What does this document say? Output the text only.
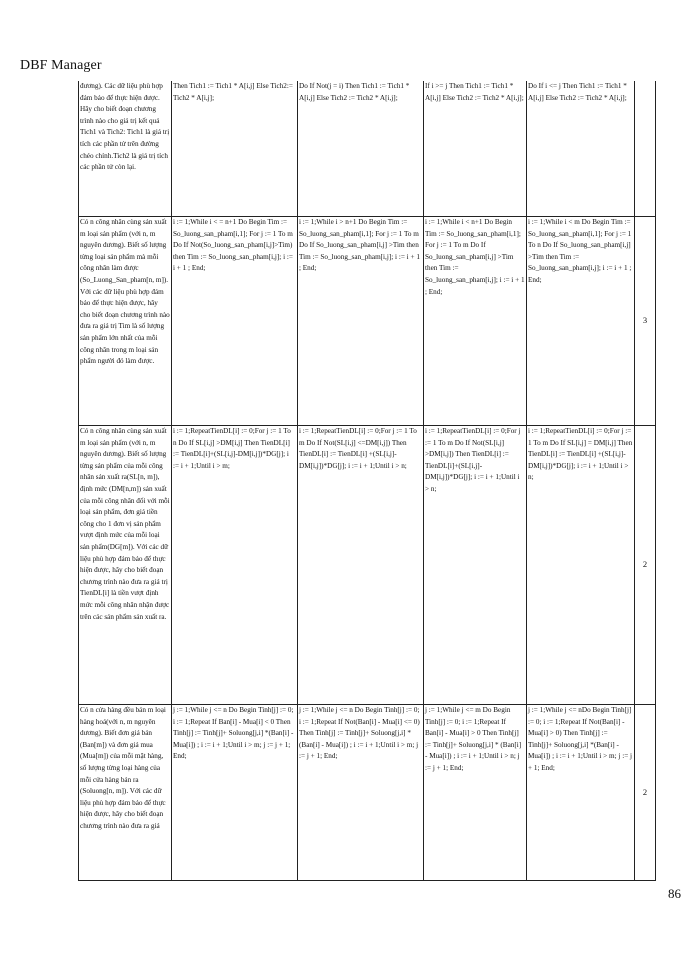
DBF Manager
đương). Các dữ liệu phù hợp đảm bảo để thực hiện được. Hãy cho biết đoạn chương trình nào cho giá trị kết quả Tich1 và Tich2: Tich1 là giá trị tích các phần tử trên đường chéo chính.Tich2 là giá trị tích các phần tử còn lại.	Then Tich1 := Tich1 * A[i,j] Else Tich2:= Tich2 * A[i,j];	Do If Not(j = i) Then Tich1 := Tich1 * A[i,j] Else Tich2 := Tich2 * A[i,j];	If i >= j Then Tich1 := Tich1 * A[i,j] Else Tich2 := Tich2 * A[i,j];	Do If i <= j Then Tich1 := Tich1 * A[i,j] Else Tich2 := Tich2 * A[i,j];	

Có n công nhân cùng sản xuất m loại sản phẩm (với n, m nguyên dương). Biết số lượng từng loại sản phẩm mà mỗi công nhân làm được (So_Luong_San_pham[n, m]). Với các dữ liệu phù hợp đảm bảo để thực hiện được, hãy cho biết đoạn chương trình nào đưa ra giá trị Tim là số lượng sản phẩm lớn nhất của mỗi công nhân trong m loại sản phẩm người đó làm được.	i := 1;While i < = n+1 Do Begin Tim := So_luong_san_pham[i,1]; For j := 1 To m Do If Not(So_luong_san_pham[i,j]>Tim) then Tim := So_luong_san_pham[i,j]; i := i + 1 ; End;	i := 1;While i > n+1 Do Begin Tim := So_luong_san_pham[i,1]; For j := 1 To m Do If So_luong_san_pham[i,j] >Tim then Tim := So_luong_san_pham[i,j]; i := i + 1 ; End;	i := 1;While i < n+1 Do Begin Tim := So_luong_san_pham[i,1]; For j := 1 To m Do If So_luong_san_pham[i,j] >Tim then Tim := So_luong_san_pham[i,j]; i := i + 1 ; End;	i := 1;While i < m Do Begin Tim := So_luong_san_pham[i,1]; For j := 1 To n Do If So_luong_san_pham[i,j] >Tim then Tim := So_luong_san_pham[i,j]; i := i + 1 ; End;	3

Có n công nhân cùng sản xuất m loại sản phẩm (với n, m nguyên dương). Biết số lượng từng sản phẩm của mỗi công nhân sản xuất ra(SL[n, m]), định mức (DM[n,m]) sản xuất của mỗi công nhân đối với mỗi loại sản phẩm, đơn giá tiền công cho 1 đơn vị sản phẩm vượt định mức của mỗi loại sản phẩm(DG[m]). Với các dữ liệu phù hợp đảm bảo để thực hiện được, hãy cho biết đoạn chương trình nào đưa ra giá trị TienDL[i] là tiền vượt định mức mỗi công nhân nhận được trên các sản phẩm sản xuất ra.	i := 1;RepeatTienDL[i] := 0;For j := 1 To n Do If SL[i,j] >DM[i,j] Then TienDL[i] := TienDL[i]+(SL[i,j]-DM[i,j])*DG[j]; i := i + 1;Until i > m;	i := 1;RepeatTienDL[i] := 0;For j := 1 To m Do If Not(SL[i,j] <=DM[i,j]) Then TienDL[i] := TienDL[i] +(SL[i,j]-DM[i,j])*DG[j]; i := i + 1;Until i > n;	i := 1;RepeatTienDL[i] := 0;For j := 1 To m Do If Not(SL[i,j] >DM[i,j]) Then TienDL[i] := TienDL[i]+(SL[i,j]-DM[i,j])*DG[j]; i := i + 1;Until i > n;	i := 1;RepeatTienDL[i] := 0;For j := 1 To m Do If SL[i,j] = DM[i,j] Then TienDL[i] := TienDL[i] +(SL[i,j]-DM[i,j])*DG[j]; i := i + 1;Until i > n;	2

Có n cửa hàng đều bán m loại hàng hoá(với n, m nguyên dương). Biết đơn giá bán (Ban[m]) và đơn giá mua (Mua[m]) của mỗi mặt hàng, số lượng từng loại hàng của mỗi cửa hàng bán ra (Soluong[n, m]). Với các dữ liệu phù hợp đảm bảo để thực hiện được, hãy cho biết đoạn chương trình nào đưa ra giá	j := 1;While j <= n Do Begin Tinh[j] := 0; i := 1;Repeat If Ban[i] - Mua[i] < 0 Then Tinh[j] := Tinh[j]+ Soluong[j,i] *(Ban[i] - Mua[i]) ; i := i + 1;Until i > m; j := j + 1; End;	j := 1;While j <= n Do Begin Tinh[j] := 0; i := 1;Repeat If Not(Ban[i] - Mua[i] <= 0) Then Tinh[j] := Tinh[j]+ Soluong[j,i] * (Ban[i] - Mua[i]) ; i := i + 1;Until i > m; j := j + 1; End;	j := 1;While j <= m Do Begin Tinh[j] := 0; i := 1;Repeat If Ban[i] - Mua[i] > 0 Then Tinh[j] := Tinh[j]+ Soluong[j,i] * (Ban[i] - Mua[i]) ; i := i + 1;Until i > n; j := j + 1; End;	j := 1;While j <= nDo Begin Tinh[j] := 0; i := 1;Repeat If Not(Ban[i] - Mua[i] > 0) Then Tinh[j] := Tinh[j]+ Soluong[j,i] *(Ban[i] - Mua[i]) ; i := i + 1;Until i > m; j := j + 1; End;	2
86
